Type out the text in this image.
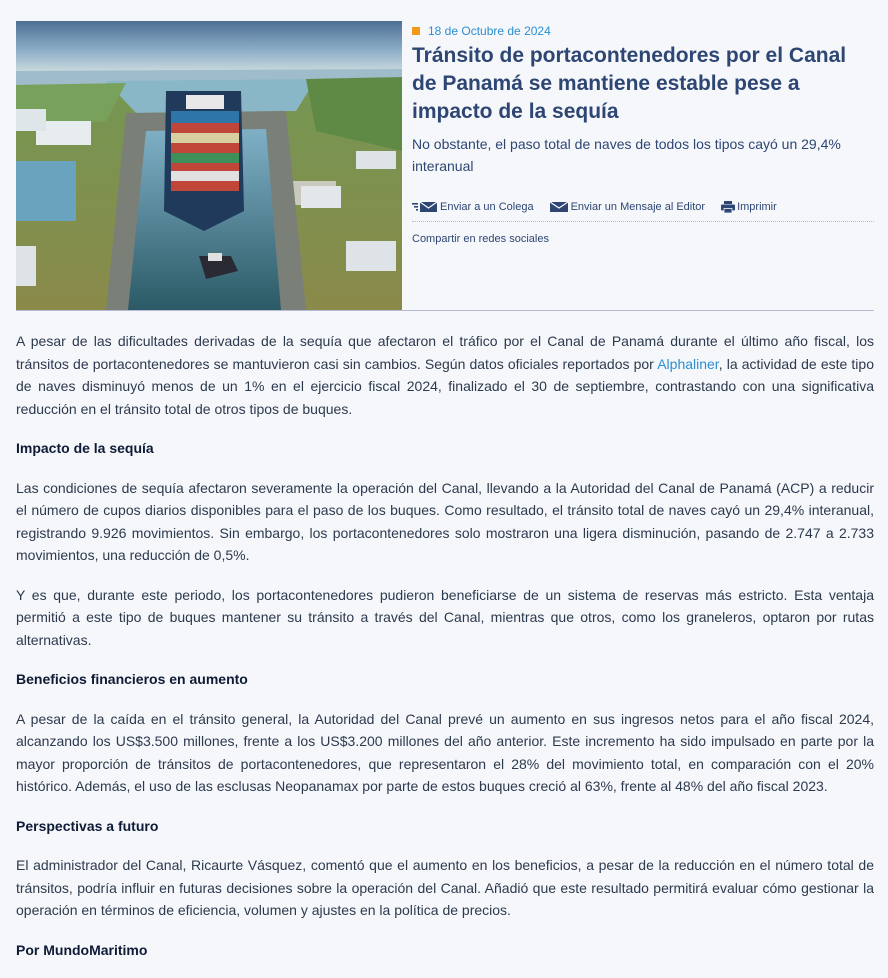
18 de Octubre de 2024
Tránsito de portacontenedores por el Canal de Panamá se mantiene estable pese a impacto de la sequía

No obstante, el paso total de naves de todos los tipos cayó un 29,4% interanual

Enviar a un Colega	Enviar un Mensaje al Editor	Imprimir
Compartir en redes sociales

A pesar de las dificultades derivadas de la sequía que afectaron el tráfico por el Canal de Panamá durante el último año fiscal, los tránsitos de portacontenedores se mantuvieron casi sin cambios. Según datos oficiales reportados por Alphaliner, la actividad de este tipo de naves disminuyó menos de un 1% en el ejercicio fiscal 2024, finalizado el 30 de septiembre, contrastando con una significativa reducción en el tránsito total de otros tipos de buques.

Impacto de la sequía

Las condiciones de sequía afectaron severamente la operación del Canal, llevando a la Autoridad del Canal de Panamá (ACP) a reducir el número de cupos diarios disponibles para el paso de los buques. Como resultado, el tránsito total de naves cayó un 29,4% interanual, registrando 9.926 movimientos. Sin embargo, los portacontenedores solo mostraron una ligera disminución, pasando de 2.747 a 2.733 movimientos, una reducción de 0,5%.

Y es que, durante este periodo, los portacontenedores pudieron beneficiarse de un sistema de reservas más estricto. Esta ventaja permitió a este tipo de buques mantener su tránsito a través del Canal, mientras que otros, como los graneleros, optaron por rutas alternativas.

Beneficios financieros en aumento

A pesar de la caída en el tránsito general, la Autoridad del Canal prevé un aumento en sus ingresos netos para el año fiscal 2024, alcanzando los US$3.500 millones, frente a los US$3.200 millones del año anterior. Este incremento ha sido impulsado en parte por la mayor proporción de tránsitos de portacontenedores, que representaron el 28% del movimiento total, en comparación con el 20% histórico. Además, el uso de las esclusas Neopanamax por parte de estos buques creció al 63%, frente al 48% del año fiscal 2023.

Perspectivas a futuro

El administrador del Canal, Ricaurte Vásquez, comentó que el aumento en los beneficios, a pesar de la reducción en el número total de tránsitos, podría influir en futuras decisiones sobre la operación del Canal. Añadió que este resultado permitirá evaluar cómo gestionar la operación en términos de eficiencia, volumen y ajustes en la política de precios.

Por MundoMaritimo
